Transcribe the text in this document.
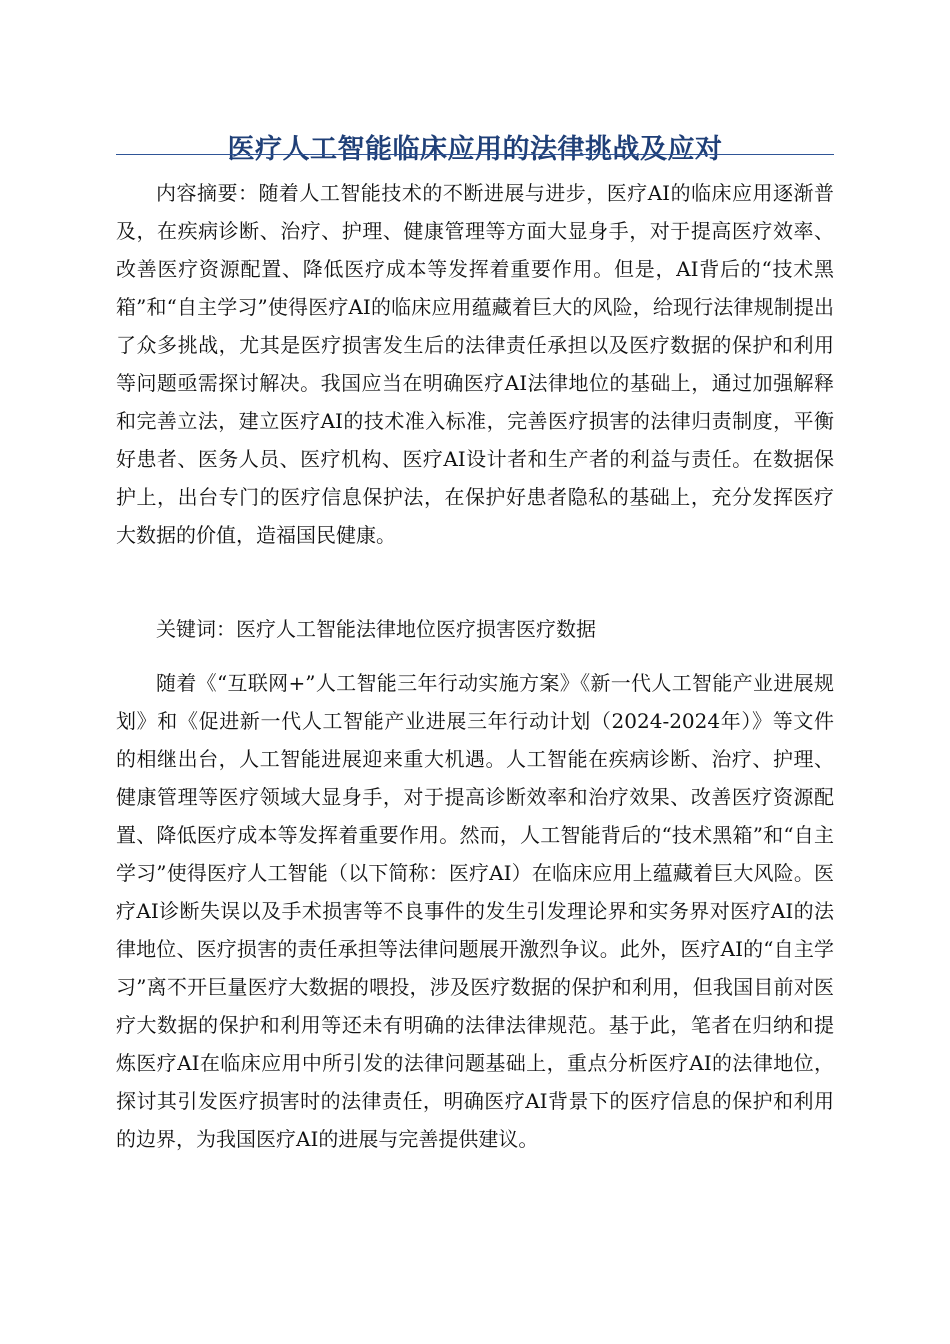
医疗人工智能临床应用的法律挑战及应对

内容摘要：随着人工智能技术的不断进展与进步，医疗AI的临床应用逐渐普及，在疾病诊断、治疗、护理、健康管理等方面大显身手，对于提高医疗效率、改善医疗资源配置、降低医疗成本等发挥着重要作用。但是，AI背后的“技术黑箱”和“自主学习”使得医疗AI的临床应用蕴藏着巨大的风险，给现行法律规制提出了众多挑战，尤其是医疗损害发生后的法律责任承担以及医疗数据的保护和利用等问题亟需探讨解决。我国应当在明确医疗AI法律地位的基础上，通过加强解释和完善立法，建立医疗AI的技术准入标准，完善医疗损害的法律归责制度，平衡好患者、医务人员、医疗机构、医疗AI设计者和生产者的利益与责任。在数据保护上，出台专门的医疗信息保护法，在保护好患者隐私的基础上，充分发挥医疗大数据的价值，造福国民健康。

关键词：医疗人工智能法律地位医疗损害医疗数据

随着《“互联网+”人工智能三年行动实施方案》《新一代人工智能产业进展规划》和《促进新一代人工智能产业进展三年行动计划（2024-2024年）》等文件的相继出台，人工智能进展迎来重大机遇。人工智能在疾病诊断、治疗、护理、健康管理等医疗领域大显身手，对于提高诊断效率和治疗效果、改善医疗资源配置、降低医疗成本等发挥着重要作用。然而，人工智能背后的“技术黑箱”和“自主学习”使得医疗人工智能（以下简称：医疗AI）在临床应用上蕴藏着巨大风险。医疗AI诊断失误以及手术损害等不良事件的发生引发理论界和实务界对医疗AI的法律地位、医疗损害的责任承担等法律问题展开激烈争议。此外，医疗AI的“自主学习”离不开巨量医疗大数据的喂投，涉及医疗数据的保护和利用，但我国目前对医疗大数据的保护和利用等还未有明确的法律法律规范。基于此，笔者在归纳和提炼医疗AI在临床应用中所引发的法律问题基础上，重点分析医疗AI的法律地位，探讨其引发医疗损害时的法律责任，明确医疗AI背景下的医疗信息的保护和利用的边界，为我国医疗AI的进展与完善提供建议。
